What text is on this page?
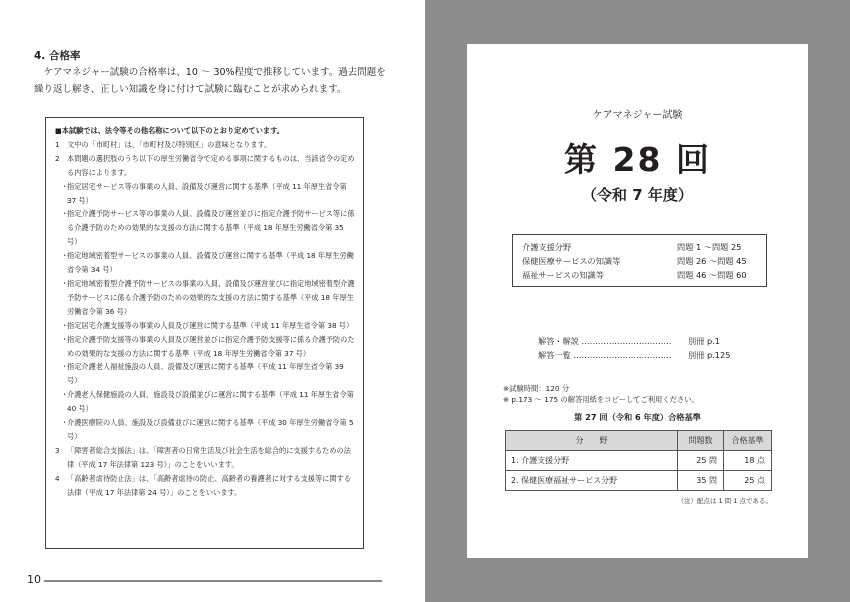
4. 合格率
ケアマネジャー試験の合格率は、10 ～ 30%程度で推移しています。過去問題を繰り返し解き、正しい知識を身に付けて試験に臨むことが求められます。
■本試験では、法令等その他名称について以下のとおり定めています。
1	文中の「市町村」は、「市町村及び特別区」の意味となります。
2	本問題の選択肢のうち以下の厚生労働省令で定める事項に関するものは、当該省令の定める内容によります。
・
指定居宅サービス等の事業の人員、設備及び運営に関する基準（平成 11 年厚生省令第 37 号）
・
指定介護予防サービス等の事業の人員、設備及び運営並びに指定介護予防サービス等に係る介護予防のための効果的な支援の方法に関する基準（平成 18 年厚生労働省令第 35 号）
・
指定地域密着型サービスの事業の人員、設備及び運営に関する基準（平成 18 年厚生労働省令第 34 号）
・
指定地域密着型介護予防サービスの事業の人員、設備及び運営並びに指定地域密着型介護予防サービスに係る介護予防のための効果的な支援の方法に関する基準（平成 18 年厚生労働省令第 36 号）
・
指定居宅介護支援等の事業の人員及び運営に関する基準（平成 11 年厚生省令第 38 号）
・
指定介護予防支援等の事業の人員及び運営並びに指定介護予防支援等に係る介護予防のための効果的な支援の方法に関する基準（平成 18 年厚生労働省令第 37 号）
・
指定介護老人福祉施設の人員、設備及び運営に関する基準（平成 11 年厚生省令第 39 号）
・
介護老人保健施設の人員、施設及び設備並びに運営に関する基準（平成 11 年厚生省令第 40 号）
・
介護医療院の人員、施設及び設備並びに運営に関する基準（平成 30 年厚生労働省令第 5 号）
3	「障害者総合支援法」は、「障害者の日常生活及び社会生活を総合的に支援するための法律（平成 17 年法律第 123 号）」のことをいいます。
4	「高齢者虐待防止法」は、「高齢者虐待の防止、高齢者の養護者に対する支援等に関する法律（平成 17 年法律第 24 号）」のことをいいます。
10
ケアマネジャー試験
第 28 回
（令和 7 年度）
介護支援分野	問題 1 ～問題 25
保健医療サービスの知識等	問題 26 ～問題 45
福祉サービスの知識等	問題 46 ～問題 60
解答・解説 ……………………………	別冊 p.1
解答一覧 ………………………………	別冊 p.125
※試験時間：120 分
※ p.173 ～ 175 の解答用紙をコピーしてご利用ください。
第 27 回（令和 6 年度）合格基準
分　　野	問題数	合格基準
1. 介護支援分野	25 問	18 点
2. 保健医療福祉サービス分野	35 問	25 点
（注）配点は 1 問 1 点である。
